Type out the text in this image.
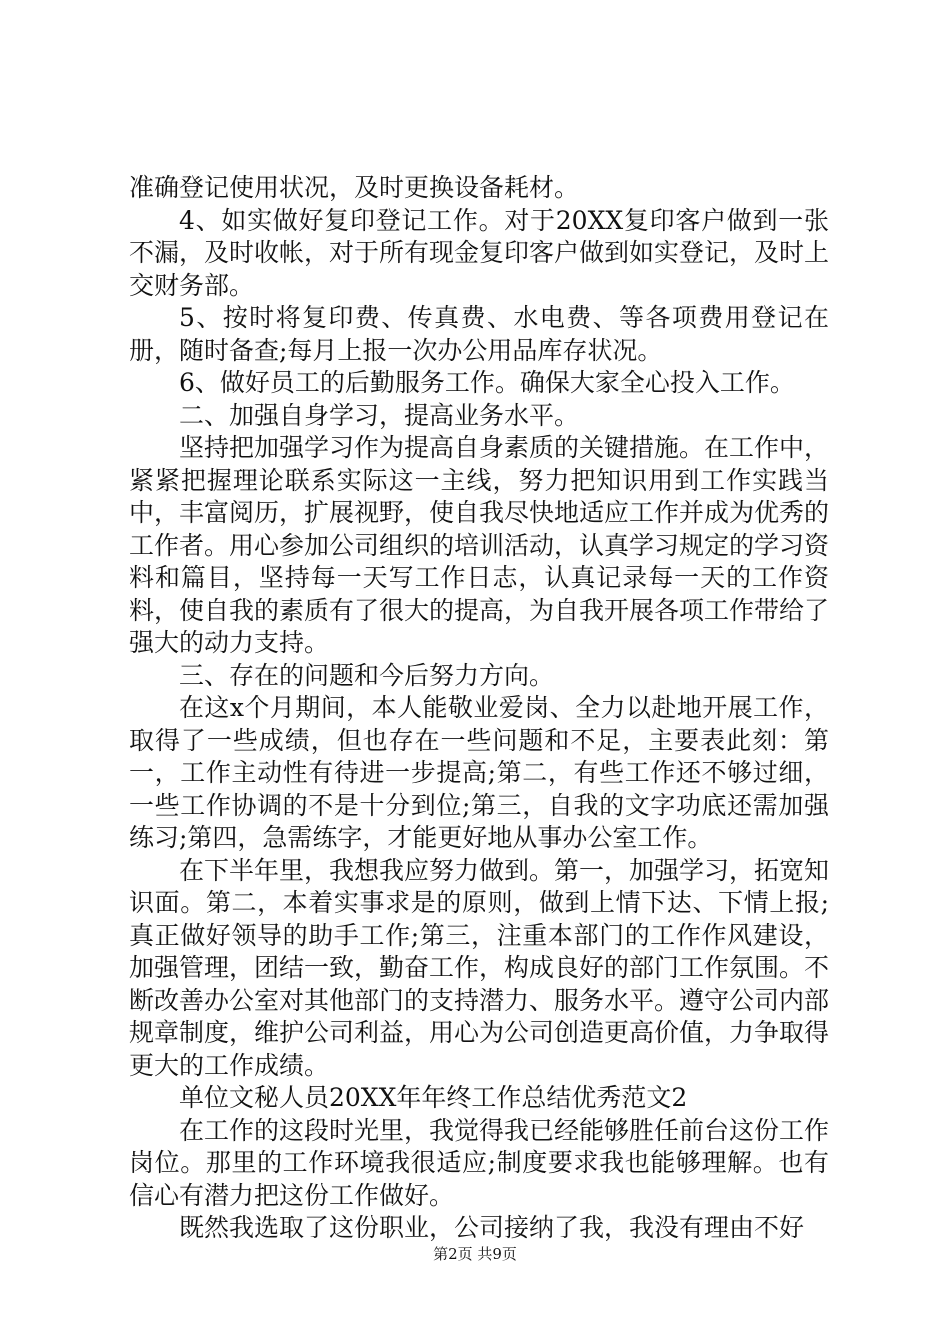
准确登记使用状况，及时更换设备耗材。

4、如实做好复印登记工作。对于20XX复印客户做到一张不漏，及时收帐，对于所有现金复印客户做到如实登记，及时上交财务部。

5、按时将复印费、传真费、水电费、等各项费用登记在册，随时备查;每月上报一次办公用品库存状况。

6、做好员工的后勤服务工作。确保大家全心投入工作。

二、加强自身学习，提高业务水平。

坚持把加强学习作为提高自身素质的关键措施。在工作中，紧紧把握理论联系实际这一主线，努力把知识用到工作实践当中，丰富阅历，扩展视野，使自我尽快地适应工作并成为优秀的工作者。用心参加公司组织的培训活动，认真学习规定的学习资料和篇目，坚持每一天写工作日志，认真记录每一天的工作资料，使自我的素质有了很大的提高，为自我开展各项工作带给了强大的动力支持。

三、存在的问题和今后努力方向。

在这x个月期间，本人能敬业爱岗、全力以赴地开展工作，取得了一些成绩，但也存在一些问题和不足，主要表此刻：第一，工作主动性有待进一步提高;第二，有些工作还不够过细，一些工作协调的不是十分到位;第三，自我的文字功底还需加强练习;第四，急需练字，才能更好地从事办公室工作。

在下半年里，我想我应努力做到。第一，加强学习，拓宽知识面。第二，本着实事求是的原则，做到上情下达、下情上报;真正做好领导的助手工作;第三，注重本部门的工作作风建设，加强管理，团结一致，勤奋工作，构成良好的部门工作氛围。不断改善办公室对其他部门的支持潜力、服务水平。遵守公司内部规章制度，维护公司利益，用心为公司创造更高价值，力争取得更大的工作成绩。

单位文秘人员20XX年年终工作总结优秀范文2

在工作的这段时光里，我觉得我已经能够胜任前台这份工作岗位。那里的工作环境我很适应;制度要求我也能够理解。也有信心有潜力把这份工作做好。

既然我选取了这份职业，公司接纳了我，我没有理由不好

第2页 共9页
